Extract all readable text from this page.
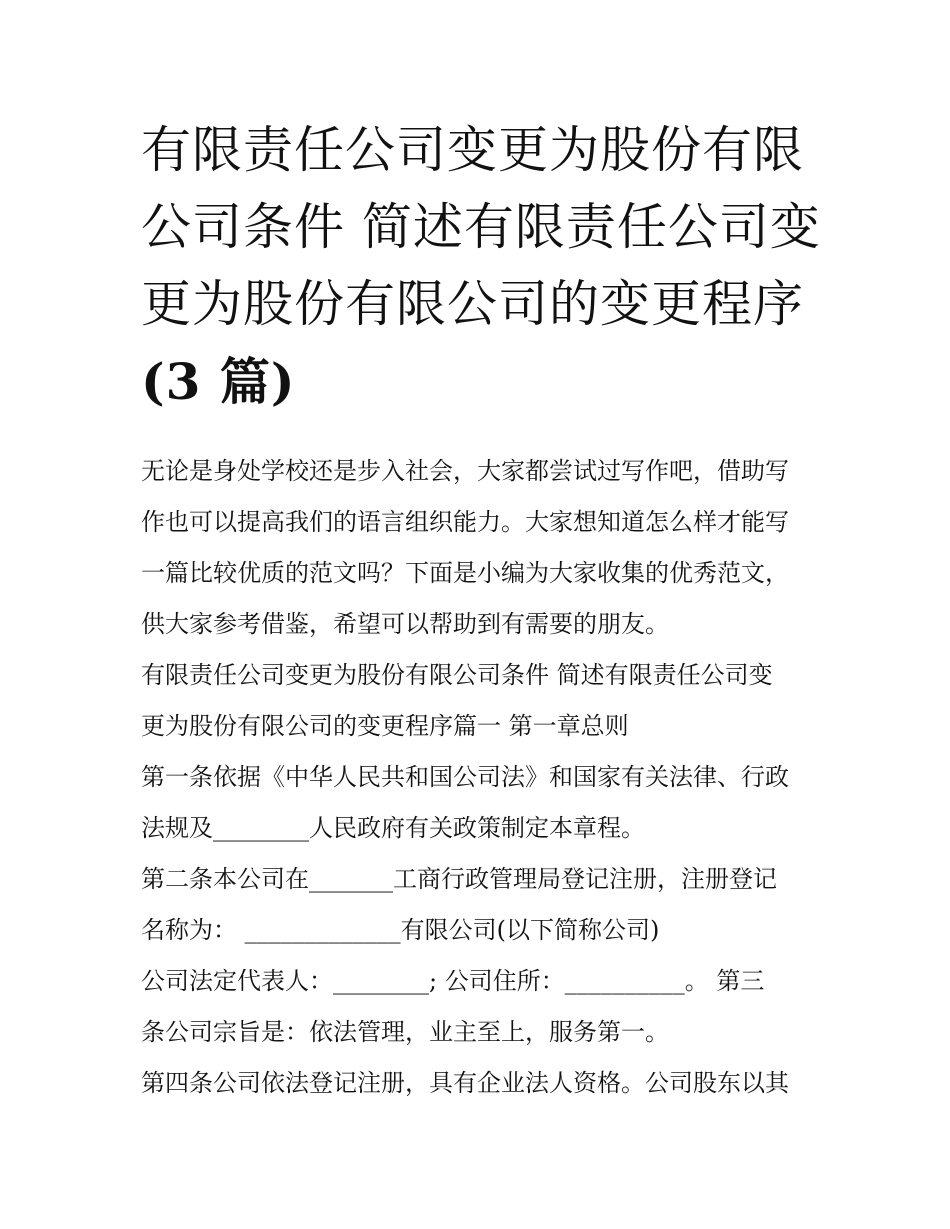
有限责任公司变更为股份有限
公司条件 简述有限责任公司变
更为股份有限公司的变更程序
(3 篇)

无论是身处学校还是步入社会，大家都尝试过写作吧，借助写
作也可以提高我们的语言组织能力。大家想知道怎么样才能写
一篇比较优质的范文吗？下面是小编为大家收集的优秀范文，
供大家参考借鉴，希望可以帮助到有需要的朋友。

有限责任公司变更为股份有限公司条件 简述有限责任公司变
更为股份有限公司的变更程序篇一 第一章总则

第一条依据《中华人民共和国公司法》和国家有关法律、行政
法规及________人民政府有关政策制定本章程。

第二条本公司在_______工商行政管理局登记注册，注册登记
名称为： _____________有限公司(以下简称公司)

公司法定代表人：________; 公司住所：__________。 第三
条公司宗旨是：依法管理，业主至上，服务第一。

第四条公司依法登记注册，具有企业法人资格。公司股东以其
